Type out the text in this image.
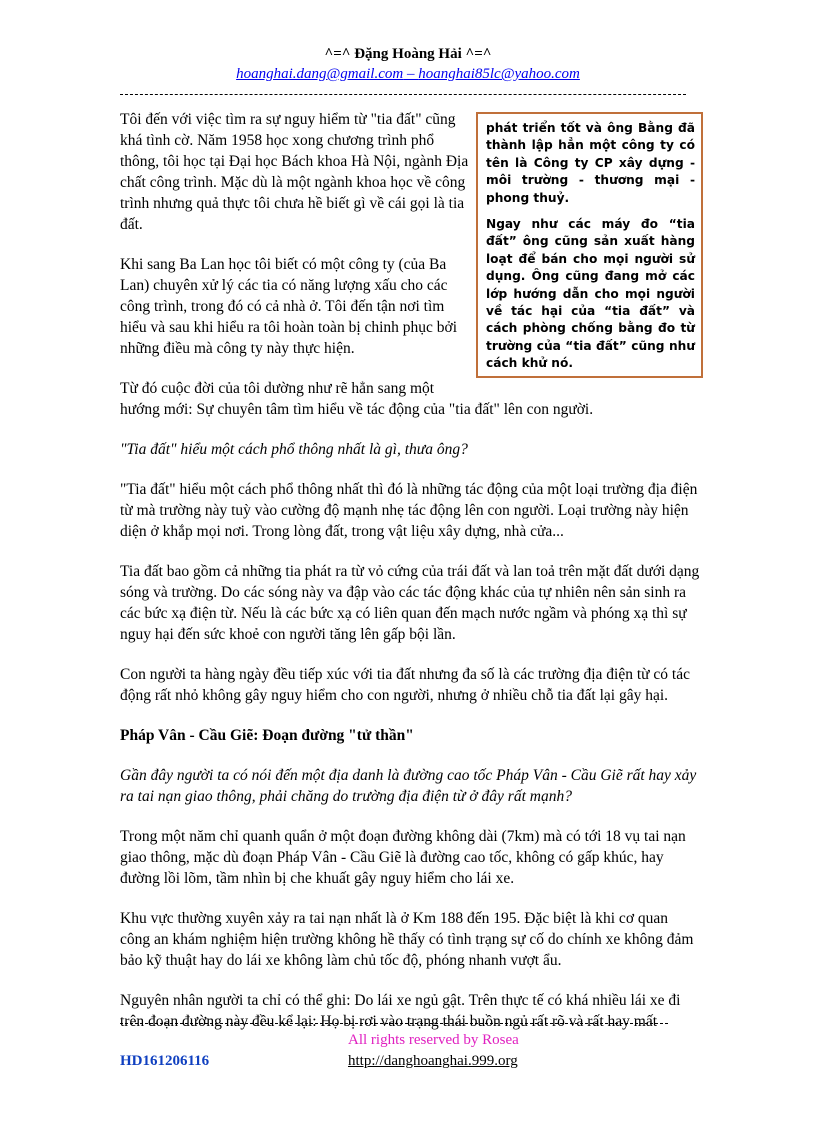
^=^ Đặng Hoàng Hải ^=^
hoanghai.dang@gmail.com – hoanghai85lc@yahoo.com

phát triển tốt và ông Bằng đã thành lập hẳn một công ty có tên là Công ty CP xây dựng - môi trường - thương mại - phong thuỷ.

Ngay như các máy đo “tia đất” ông cũng sản xuất hàng loạt để bán cho mọi người sử dụng. Ông cũng đang mở các lớp hướng dẫn cho mọi người về tác hại của “tia đất” và cách phòng chống bằng đo từ trường của “tia đất” cũng như cách khử nó.

Tôi đến với việc tìm ra sự nguy hiểm từ "tia đất" cũng khá tình cờ. Năm 1958 học xong chương trình phổ thông, tôi học tại Đại học Bách khoa Hà Nội, ngành Địa chất công trình. Mặc dù là một ngành khoa học về công trình nhưng quả thực tôi chưa hề biết gì về cái gọi là tia đất.

Khi sang Ba Lan học tôi biết có một công ty (của Ba Lan) chuyên xử lý các tia có năng lượng xấu cho các công trình, trong đó có cả nhà ở. Tôi đến tận nơi tìm hiểu và sau khi hiểu ra tôi hoàn toàn bị chinh phục bởi những điều mà công ty này thực hiện.

Từ đó cuộc đời của tôi dường như rẽ hẳn sang một
hướng mới: Sự chuyên tâm tìm hiểu về tác động của "tia đất" lên con người.

"Tia đất" hiểu một cách phổ thông nhất là gì, thưa ông?

"Tia đất" hiểu một cách phổ thông nhất thì đó là những tác động của một loại trường địa điện từ mà trường này tuỳ vào cường độ mạnh nhẹ tác động lên con người. Loại trường này hiện diện ở khắp mọi nơi. Trong lòng đất, trong vật liệu xây dựng, nhà cửa...

Tia đất bao gồm cả những tia phát ra từ vỏ cứng của trái đất và lan toả trên mặt đất dưới dạng sóng và trường. Do các sóng này va đập vào các tác động khác của tự nhiên nên sản sinh ra các bức xạ điện từ. Nếu là các bức xạ có liên quan đến mạch nước ngầm và phóng xạ thì sự nguy hại đến sức khoẻ con người tăng lên gấp bội lần.

Con người ta hàng ngày đều tiếp xúc với tia đất nhưng đa số là các trường địa điện từ có tác động rất nhỏ không gây nguy hiểm cho con người, nhưng ở nhiều chỗ tia đất lại gây hại.

Pháp Vân - Cầu Giẽ: Đoạn đường "tử thần"

Gần đây người ta có nói đến một địa danh là đường cao tốc Pháp Vân - Cầu Giẽ rất hay xảy ra tai nạn giao thông, phải chăng do trường địa điện từ ở đây rất mạnh?

Trong một năm chỉ quanh quẩn ở một đoạn đường không dài (7km) mà có tới 18 vụ tai nạn giao thông, mặc dù đoạn Pháp Vân - Cầu Giẽ là đường cao tốc, không có gấp khúc, hay đường lồi lõm, tầm nhìn bị che khuất gây nguy hiểm cho lái xe.

Khu vực thường xuyên xảy ra tai nạn nhất là ở Km 188 đến 195. Đặc biệt là khi cơ quan công an khám nghiệm hiện trường không hề thấy có tình trạng sự cố do chính xe không đảm bảo kỹ thuật hay do lái xe không làm chủ tốc độ, phóng nhanh vượt ẩu.

Nguyên nhân người ta chỉ có thể ghi: Do lái xe ngủ gật. Trên thực tế có khá nhiều lái xe đi trên đoạn đường này đều kể lại: Họ bị rơi vào trạng thái buồn ngủ rất rõ và rất hay mất

All rights reserved by Rosea
HD161206116	http://danghoanghai.999.org
